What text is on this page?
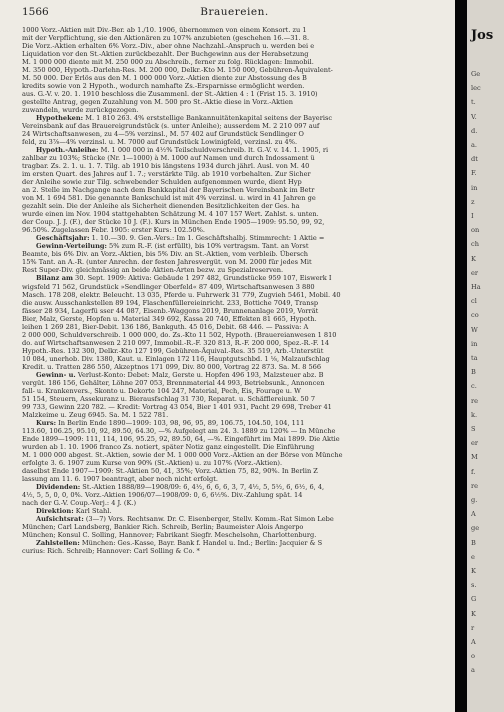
1566	Brauereien.
1000 Vorz.-Aktien mit Div.-Ber. ab 1./10. 1906, übernommen von einem Konsort. zu 1
mit der Verpflichtung, sie den Aktionären zu 107% anzubieten (geschehen 16.—31. 8.
Die Vorz.-Aktien erhalten 6% Vorz.-Div., aber ohne Nachzahl.-Anspruch u. werden bei e
Liquidation vor den St.-Aktien zurückbezahlt. Der Buchgewinn aus der Herabsetzung
M. 1 000 000 diente mit M. 250 000 zu Abschreib., ferner zu folg. Rücklagen: Immobil.
M. 350 000, Hypoth.-Darlehn-Res. M. 200 000, Delkr.-Kto M. 150 000, Gebühren-Äquivalent-
M. 50 000. Der Erlös aus den M. 1 000 000 Vorz.-Aktien diente zur Abstossung des B
kredits sowie von 2 Hypoth., wodurch namhafte Zs.-Ersparnisse ermöglicht werden.
aus. G.-V. v. 20. 1. 1910 beschloss die Zusammenl. der St.-Aktien 4 : 1 (Frist 15. 3. 1910)
gestellte Antrag, gegen Zuzahlung von M. 500 pro St.-Aktie diese in Vorz.-Aktien
zuwandeln, wurde zurückgezogen.
Hypotheken: M. 1 810 263. 4% erststellige Bankannuitätenkapital seitens der Bayerisc
Vereinsbank auf das Brauereigrundstück (s. unter Anleihe); ausserdem M. 2 210 097 auf
24 Wirtschaftsanwesen, zu 4—5% verzinsl., M. 57 402 auf Grundstück Sendlinger O
feld, zu 3⅞—4% verzinsl. u. M. 7000 auf Grundstück Lowinigfeld, verzinsl. zu 4%.
Hypoth.-Anleihe: M. 1 000 000 in 4½% Teilschuldverschreib. lt. G.-V. v. 14. 1. 1905, ri
zahlbar zu 103%; Stücke (Nr. 1—1000) à M. 1000 auf Namen und durch Indossament ü
tragbar. Zs. 2. 1. u. 1. 7. Tilg. ab 1910 bis längstens 1934 durch jährl. Ausl. von M. 40
im ersten Quart. des Jahres auf 1. 7.; verstärkte Tilg. ab 1910 vorbehalten. Zur Sicher
der Anleihe sowie zur Tilg. schwebender Schulden aufgenommen wurde, dient Hyp
an 2. Stelle im Nachgange nach dem Bankkapital der Bayerischen Vereinsbank im Betr
von M. 1 694 581. Die genannte Bankschuld ist mit 4% verzinsl. u. wird in 41 Jahren ge
gezahlt sein. Die der Anleihe als Sicherheit dienenden Besitzlichkeiten der Ges. ha
wurde einen im Nov. 1904 stattgehabten Schätzung M. 4 107 157 Wert. Zahlst. s. unten.
der Coup. J. J. (F.), der Stücke 10 J. (F.). Kurs in München Ende 1905—1909: 95.50, 99, 92,
96.50%. Zugelassen Febr. 1905: erster Kurs: 102.50%.
Geschäftsjahr: 1. 10.—30. 9. Gen.-Vers.: Im 1. Geschäftshalbj. Stimmrecht: 1 Aktie =
Gewinn-Verteilung: 5% zum R.-F. (ist erfüllt), bis 10% vertragsm. Tant. an Vorst
Beamte, bis 6% Div. an Vorz.-Aktien, bis 5% Div. an St.-Aktien, vom verbleib. Übersch
15% Tant. an A.-R. (unter Anrechn. der festen Jahresvergüt. von M. 2000 für jedes Mit
Rest Super-Div. gleichmässig an beide Aktien-Arten bezw. zu Spezialreserven.
Bilanz am 30. Sept. 1909: Aktiva: Gebäude 1 297 482, Grundstücke 959 107, Eiswerk I
wigsfeld 71 562, Grundstück »Sendlinger Oberfeld« 87 409, Wirtschaftsanwesen 3 880
Masch. 178 208, elektr. Beleucht. 13 035, Pferde u. Fuhrwerk 31 779, Zugvieh 5461, Mobil. 40
die ausw. Ausschankstellen 89 194, Flaschenfüllereieinricht. 233, Bottiche 7049, Transp
fässer 28 934, Lagerfü sser 44 087, Eisenb.-Waggons 2019, Brunnenanlage 2019, Vorrät
Bier, Malz, Gerste, Hopfen u. Material 349 692, Kassa 20 740, Effekten 81 665, Hypoth.
leihen 1 269 281, Bier-Debit. 136 186, Bankguth. 45 016, Debit. 68 446. — Passiva: A
2 000 000, Schuldverschreib. 1 000 000, do. Zs.-Kto 11 502, Hypoth. (Brauereianwesen 1 810
do. auf Wirtschaftsanwesen 2 210 097, Immobil.-R.-F. 320 813, R.-F. 200 000, Spez.-R.-F. 14
Hypoth.-Res. 132 300, Delkr.-Kto 127 199, Gebühren-Äquival.-Res. 35 519, Arb.-Unterstüt
10 084, unerhob. Div. 1380, Kaut. u. Einlagen 172 116, Hauptgutschbd. 1 ⅛, Malzaufschlag
Kredit. u. Tratten 286 550, Akzeptnos 171 099, Div. 80 000, Vortrag 22 873. Sa. M. 8 566
Gewinn- u. Verlust-Konto: Debet: Malz, Gerste u. Hopfen 496 193, Malzsteuer abz. B
vergüt. 186 156, Gehälter, Löhne 207 053, Brennmaterial 44 993, Betriebsunk., Annoncen
fall- u. Krankenvers., Skonto u. Dekorte 104 247, Material, Pech, Eis, Fourage u. W
51 154, Steuern, Assekuranz u. Bierausfschlag 31 730, Reparat. u. Schäfflereiunk. 50 7
99 733, Gewinn 220 782. — Kredit: Vortrag 43 054, Bier 1 401 931, Pacht 29 698, Treber 41
Malzkeime u. Zeug 6945. Sa. M. 1 522 781.
Kurs: In Berlin Ende 1890—1909: 103, 98, 96, 95, 89, 106.75, 104.50, 104, 111
113.60, 106.25, 95.10, 92, 89.50, 64.30, —% Aufgelegt am 24. 3. 1889 zu 120% — In Münche
Ende 1899—1909: 111, 114, 106, 95.25, 92, 89.50, 64, —%. Eingeführt im Mai 1899. Die Aktie
wurden ab 1. 10. 1906 franco Zs. notiert, später Notiz ganz eingestellt. Die Einführung
M. 1 000 000 abgest. St.-Aktien, sowie der M. 1 000 000 Vorz.-Aktien an der Börse von Münche
erfolgte 3. 6. 1907 zum Kurse von 90% (St.-Aktien) u. zu 107% (Vorz.-Aktien).
daselbst Ende 1907—1909: St.-Aktien 50, 41, 35%; Vorz.-Aktien 75, 82, 90%. In Berlin Z
lassung am 11. 6. 1907 beantragt, aber noch nicht erfolgt.
Dividenden: St.-Aktien 1888/89—1908/09: 6, 4½, 6, 6, 6, 3, 7, 4½, 5, 5½, 6, 6½, 6, 4,
4½, 5, 5, 0, 0, 0%. Vorz.-Aktien 1906/07—1908/09: 0, 6, 6½%. Div.-Zahlung spät. 14
nach der G.-V. Coup.-Verj.: 4 J. (K.)
Direktion: Karl Stahl.
Aufsichtsrat: (3—7) Vors. Rechtsanw. Dr. C. Eisenberger, Stellv. Komm.-Rat Simon Lebe
München; Carl Landsberg, Bankier Rich. Schreib, Berlin; Baumeister Alois Angerpo
München; Konsul C. Solling, Hannover; Fabrikant Siegfr. Meschelsohn, Charlottenburg.
Zahlstellen: München: Ges.-Kasse, Bayr. Bank f. Handel u. Ind.; Berlin: Jacquier & S
curius: Rich. Schreib; Hannover: Carl Solling & Co. *
Jos
Ge
lec
t.
V.
d.
a.
dt
F.
in
z
I
on
ch
K
er
Ha
cl
co
W
in
ta
B
c.
re
k.
S
er
M
f.
re
g.
A
ge
B
e
K
s.
G
K
r
A
o
a
